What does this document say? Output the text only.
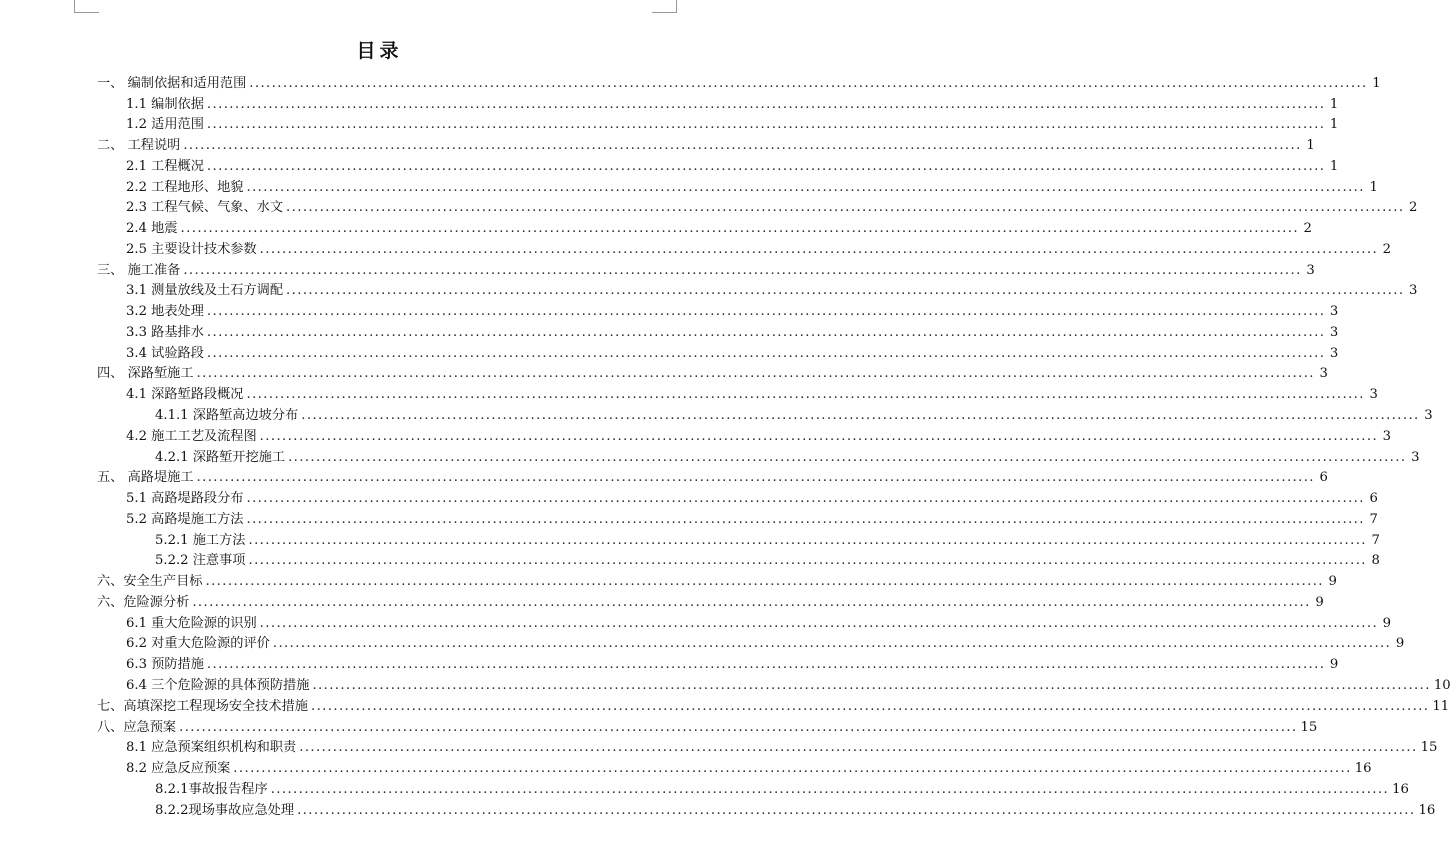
目录
一、 编制依据和适用范围 ........................................................................................................................................................................................................ 1
1.1 编制依据 ........................................................................................................................................................................................................ 1
1.2 适用范围 ........................................................................................................................................................................................................ 1
二、 工程说明 ........................................................................................................................................................................................................ 1
2.1 工程概况 ........................................................................................................................................................................................................ 1
2.2 工程地形、地貌 ........................................................................................................................................................................................................ 1
2.3 工程气候、气象、水文 ........................................................................................................................................................................................................ 2
2.4 地震 ........................................................................................................................................................................................................ 2
2.5 主要设计技术参数 ........................................................................................................................................................................................................ 2
三、 施工准备 ........................................................................................................................................................................................................ 3
3.1 测量放线及土石方调配 ........................................................................................................................................................................................................ 3
3.2 地表处理 ........................................................................................................................................................................................................ 3
3.3 路基排水 ........................................................................................................................................................................................................ 3
3.4 试验路段 ........................................................................................................................................................................................................ 3
四、 深路堑施工 ........................................................................................................................................................................................................ 3
4.1 深路堑路段概况 ........................................................................................................................................................................................................ 3
4.1.1 深路堑高边坡分布 ........................................................................................................................................................................................................ 3
4.2 施工工艺及流程图 ........................................................................................................................................................................................................ 3
4.2.1 深路堑开挖施工 ........................................................................................................................................................................................................ 3
五、 高路堤施工 ........................................................................................................................................................................................................ 6
5.1 高路堤路段分布 ........................................................................................................................................................................................................ 6
5.2 高路堤施工方法 ........................................................................................................................................................................................................ 7
5.2.1 施工方法 ........................................................................................................................................................................................................ 7
5.2.2 注意事项 ........................................................................................................................................................................................................ 8
六、安全生产目标 ........................................................................................................................................................................................................ 9
六、危险源分析 ........................................................................................................................................................................................................ 9
6.1 重大危险源的识别 ........................................................................................................................................................................................................ 9
6.2 对重大危险源的评价 ........................................................................................................................................................................................................ 9
6.3 预防措施 ........................................................................................................................................................................................................ 9
6.4 三个危险源的具体预防措施 ........................................................................................................................................................................................................ 10
七、高填深挖工程现场安全技术措施 ........................................................................................................................................................................................................ 11
八、应急预案 ........................................................................................................................................................................................................ 15
8.1 应急预案组织机构和职责 ........................................................................................................................................................................................................ 15
8.2 应急反应预案 ........................................................................................................................................................................................................ 16
8.2.1事故报告程序 ........................................................................................................................................................................................................ 16
8.2.2现场事故应急处理 ........................................................................................................................................................................................................ 16
